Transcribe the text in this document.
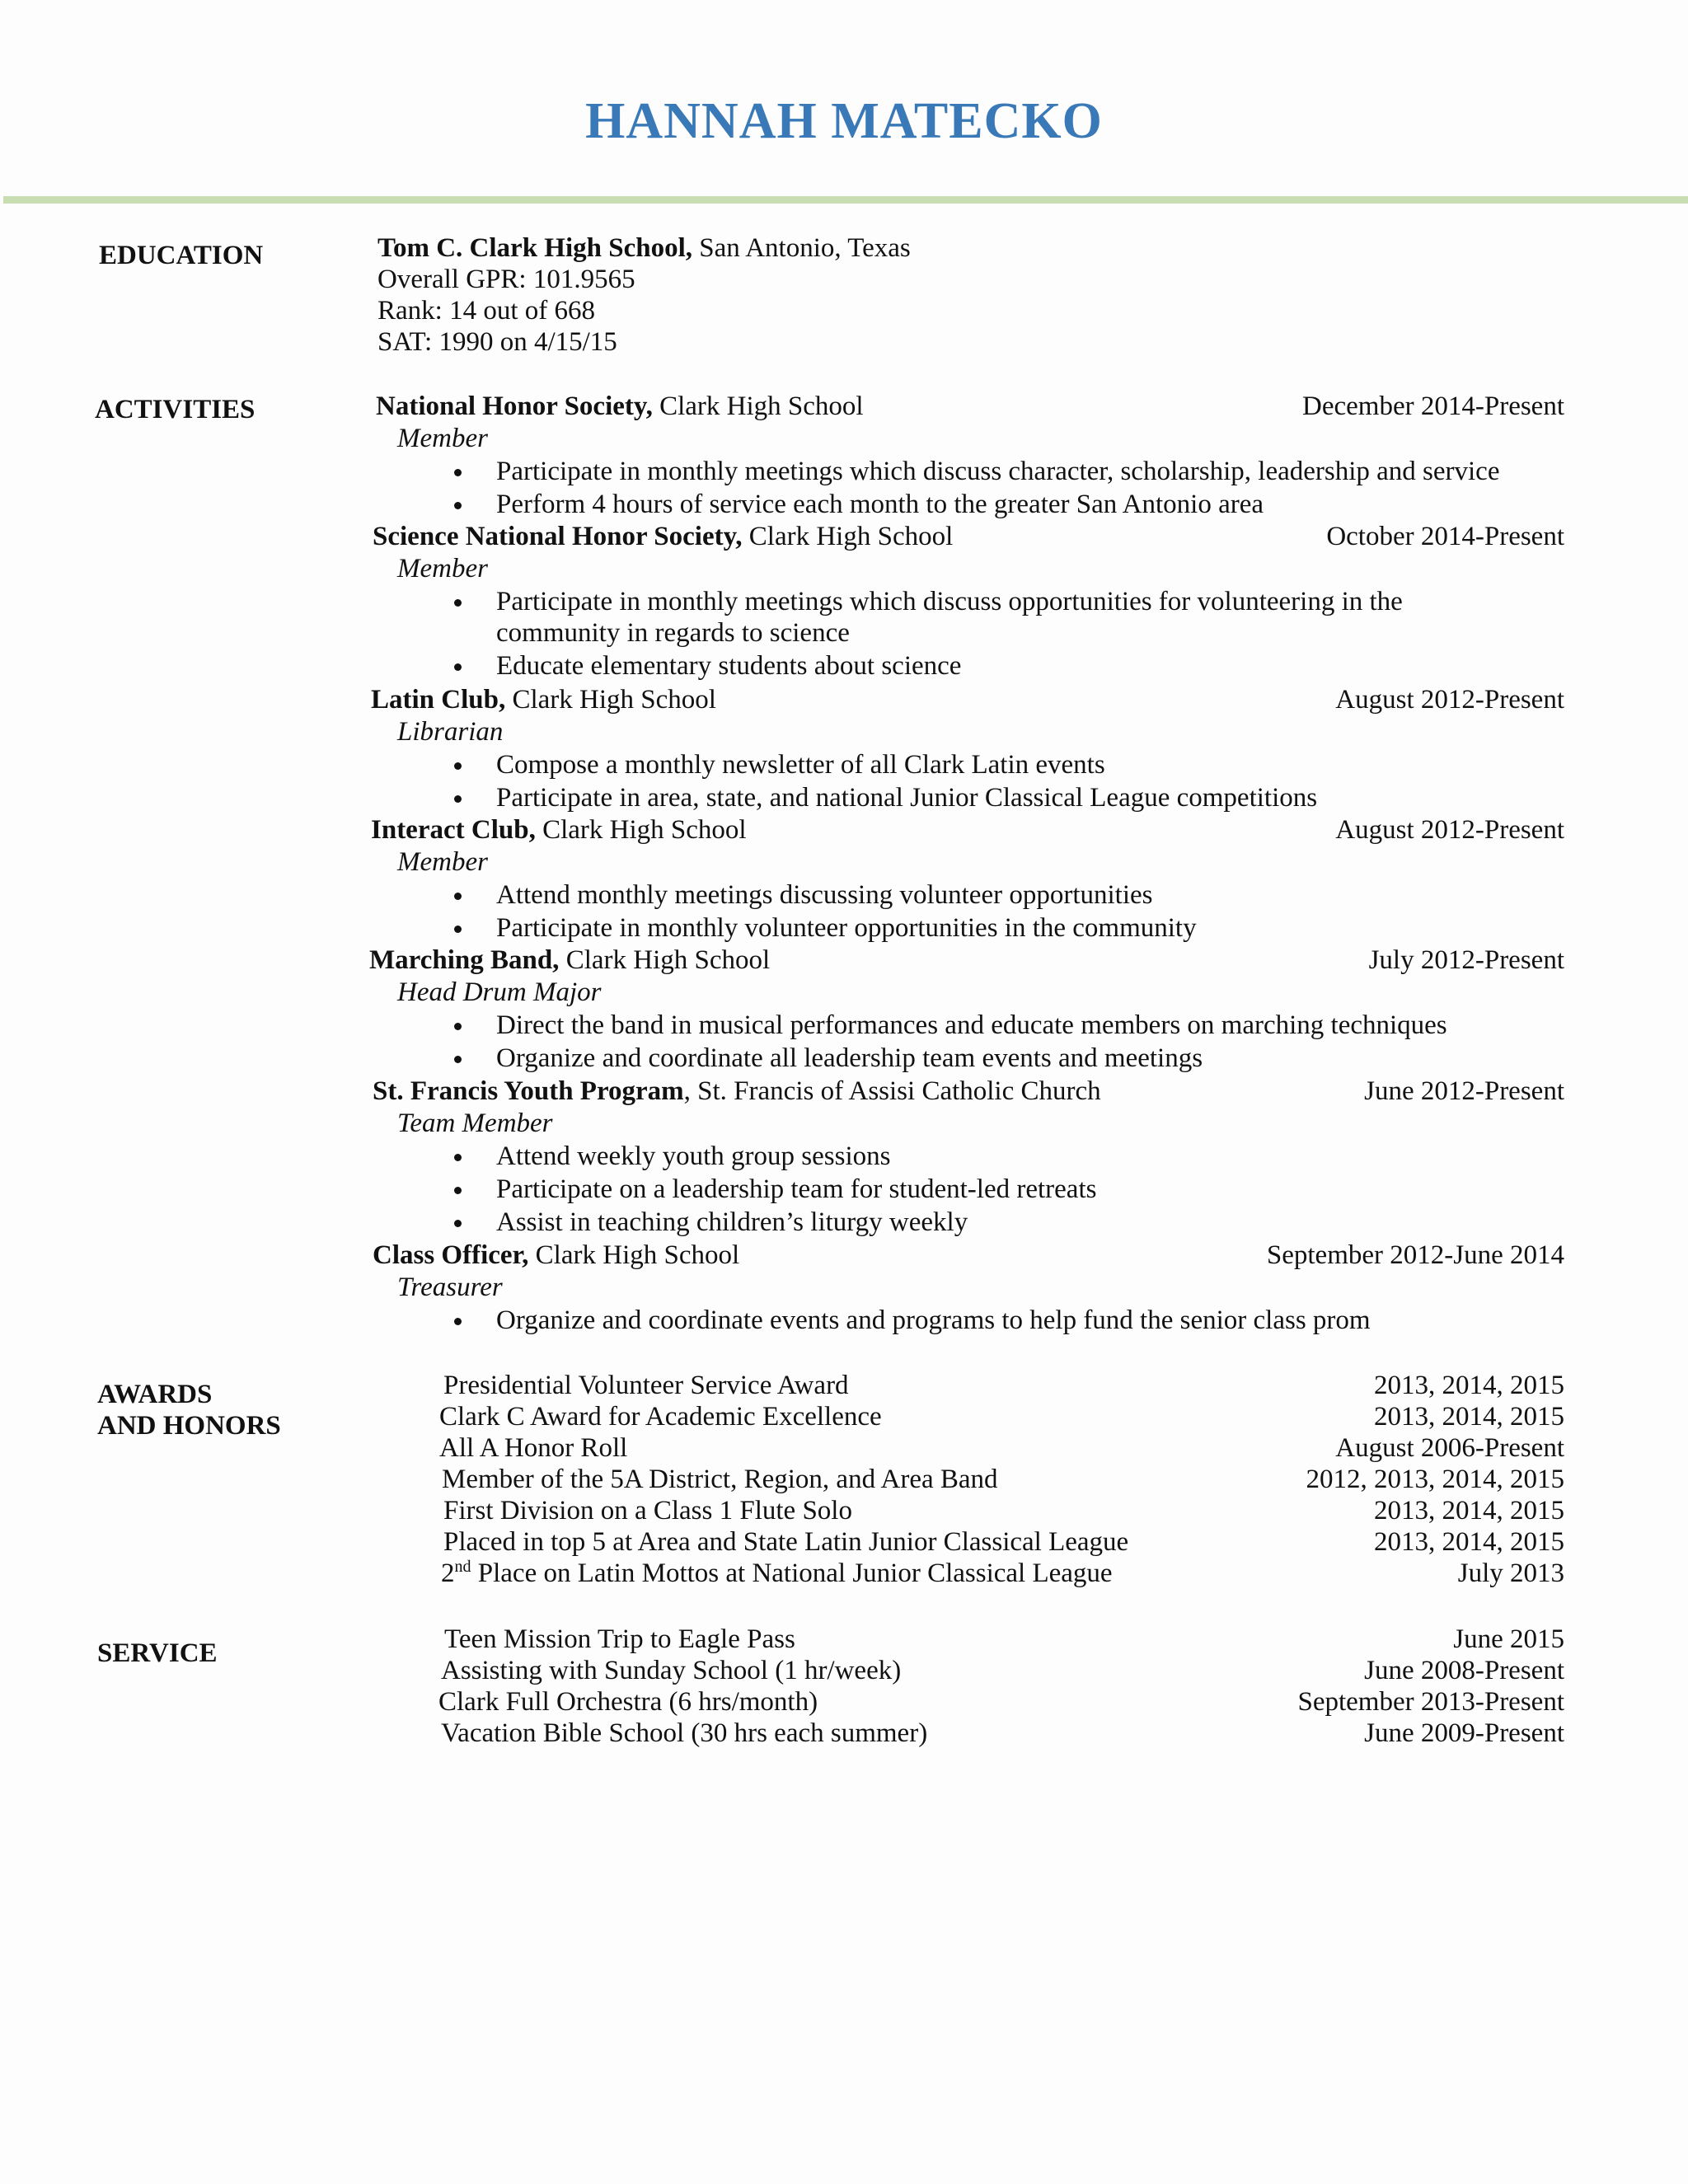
HANNAH MATECKO
EDUCATION	Tom C. Clark High School, San Antonio, Texas
Overall GPR: 101.9565
Rank: 14 out of 668
SAT: 1990 on 4/15/15
ACTIVITIES	National Honor Society, Clark High School	December 2014-Present
Member
Participate in monthly meetings which discuss character, scholarship, leadership and service
Perform 4 hours of service each month to the greater San Antonio area
Science National Honor Society, Clark High School	October 2014-Present
Member
Participate in monthly meetings which discuss opportunities for volunteering in the
community in regards to science
Educate elementary students about science
Latin Club, Clark High School	August 2012-Present
Librarian
Compose a monthly newsletter of all Clark Latin events
Participate in area, state, and national Junior Classical League competitions
Interact Club, Clark High School	August 2012-Present
Member
Attend monthly meetings discussing volunteer opportunities
Participate in monthly volunteer opportunities in the community
Marching Band, Clark High School	July 2012-Present
Head Drum Major
Direct the band in musical performances and educate members on marching techniques
Organize and coordinate all leadership team events and meetings
St. Francis Youth Program, St. Francis of Assisi Catholic Church	June 2012-Present
Team Member
Attend weekly youth group sessions
Participate on a leadership team for student-led retreats
Assist in teaching children’s liturgy weekly
Class Officer, Clark High School	September 2012-June 2014
Treasurer
Organize and coordinate events and programs to help fund the senior class prom
AWARDS
AND HONORS
Presidential Volunteer Service Award	2013, 2014, 2015
Clark C Award for Academic Excellence	2013, 2014, 2015
All A Honor Roll	August 2006-Present
Member of the 5A District, Region, and Area Band	2012, 2013, 2014, 2015
First Division on a Class 1 Flute Solo	2013, 2014, 2015
Placed in top 5 at Area and State Latin Junior Classical League	2013, 2014, 2015
2nd Place on Latin Mottos at National Junior Classical League	July 2013
SERVICE	Teen Mission Trip to Eagle Pass	June 2015
Assisting with Sunday School (1 hr/week)	June 2008-Present
Clark Full Orchestra (6 hrs/month)	September 2013-Present
Vacation Bible School (30 hrs each summer)	June 2009-Present
